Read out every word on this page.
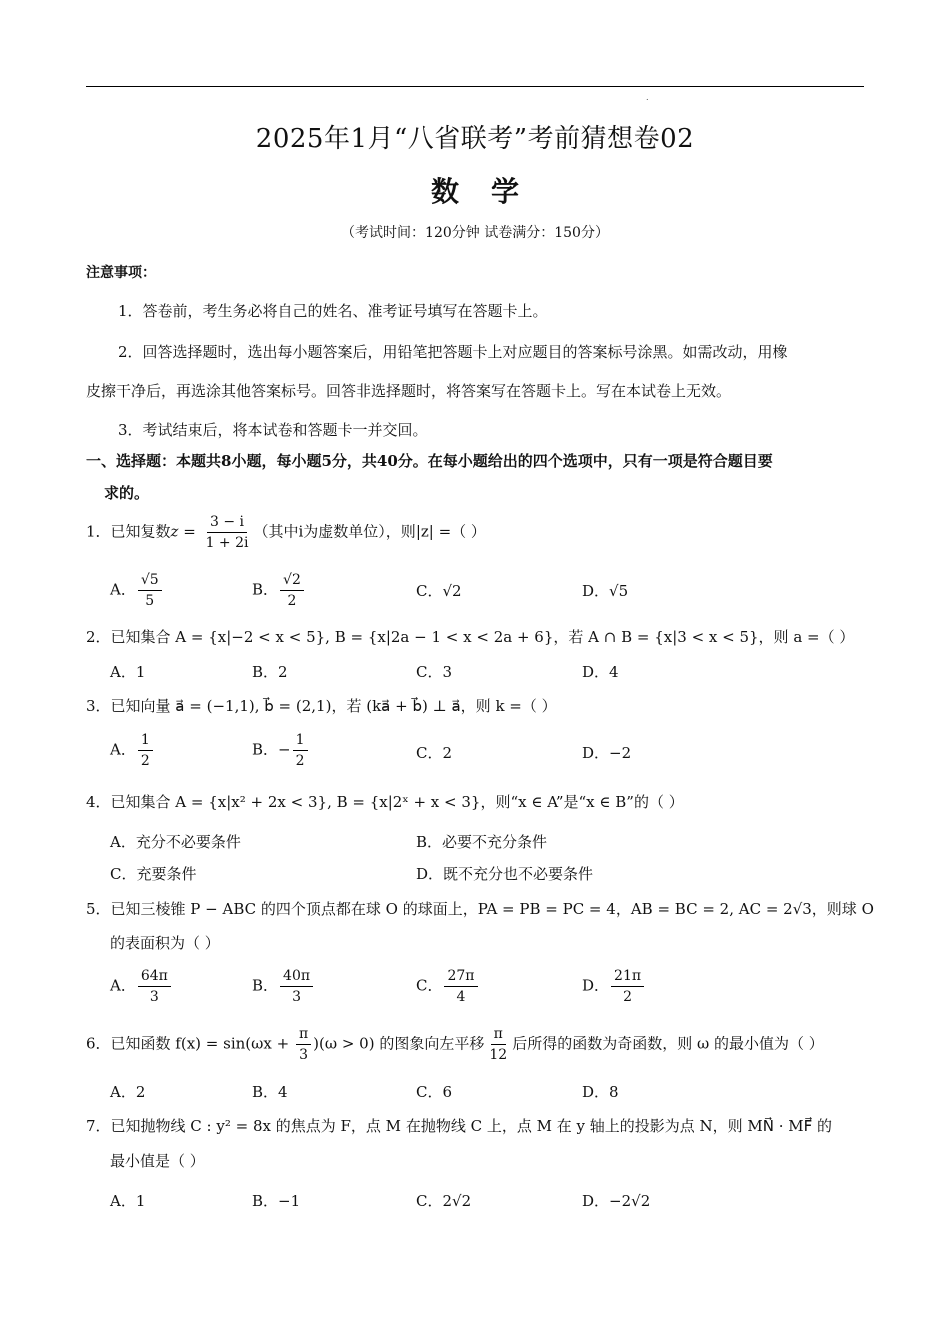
.
2025年1月“八省联考”考前猜想卷02
数学
（考试时间：120分钟 试卷满分：150分）
注意事项：
1．答卷前，考生务必将自己的姓名、准考证号填写在答题卡上。
2．回答选择题时，选出每小题答案后，用铅笔把答题卡上对应题目的答案标号涂黑。如需改动，用橡
皮擦干净后，再选涂其他答案标号。回答非选择题时，将答案写在答题卡上。写在本试卷上无效。
3．考试结束后，将本试卷和答题卡一并交回。
一、选择题：本题共8小题，每小题5分，共40分。在每小题给出的四个选项中，只有一项是符合题目要
求的。
1．已知复数$z = \frac{3 - i}{1 + 2i}$ （其中i为虚数单位），则|z| =（ ）
A． $\frac{√5}{5}$	B． $\frac{√2}{2}$	C．√2	D．√5
2．已知集合 A = {x|−2 < x < 5}, B = {x|2a − 1 < x < 2a + 6}，若 A ∩ B = {x|3 < x < 5}，则 a =（ ）
A．1	B．2	C．3	D．4
3．已知向量 a⃗ = (−1,1), b⃗ = (2,1)，若 (ka⃗ + b⃗) ⊥ a⃗，则 k =（ ）
A． $\frac{1}{2}$	B．− $\frac{1}{2}$	C．2	D．−2
4．已知集合 A = {x|x² + 2x < 3}, B = {x|2ˣ + x < 3}，则“x ∈ A”是“x ∈ B”的（ ）
A．充分不必要条件	B．必要不充分条件
C．充要条件	D．既不充分也不必要条件
5．已知三棱锥 P − ABC 的四个顶点都在球 O 的球面上，PA = PB = PC = 4，AB = BC = 2, AC = 2√3，则球 O
的表面积为（ ）
A． $\frac{64\pi}{3}$	B． $\frac{40\pi}{3}$	C． $\frac{27\pi}{4}$	D． $\frac{21\pi}{2}$
6．已知函数 $f(x) = \sin(\omega x + \frac{\pi}{3} )(\omega > 0)$ 的图象向左平移 $\frac{\pi}{12}$ 后所得的函数为奇函数，则 ω 的最小值为（ ）
A．2	B．4	C．6	D．8
7．已知抛物线 C : y² = 8x 的焦点为 F，点 M 在抛物线 C 上，点 M 在 y 轴上的投影为点 N，则 MN⃗ · MF⃗ 的
最小值是（ ）
A．1	B．−1	C．2√2	D．−2√2
